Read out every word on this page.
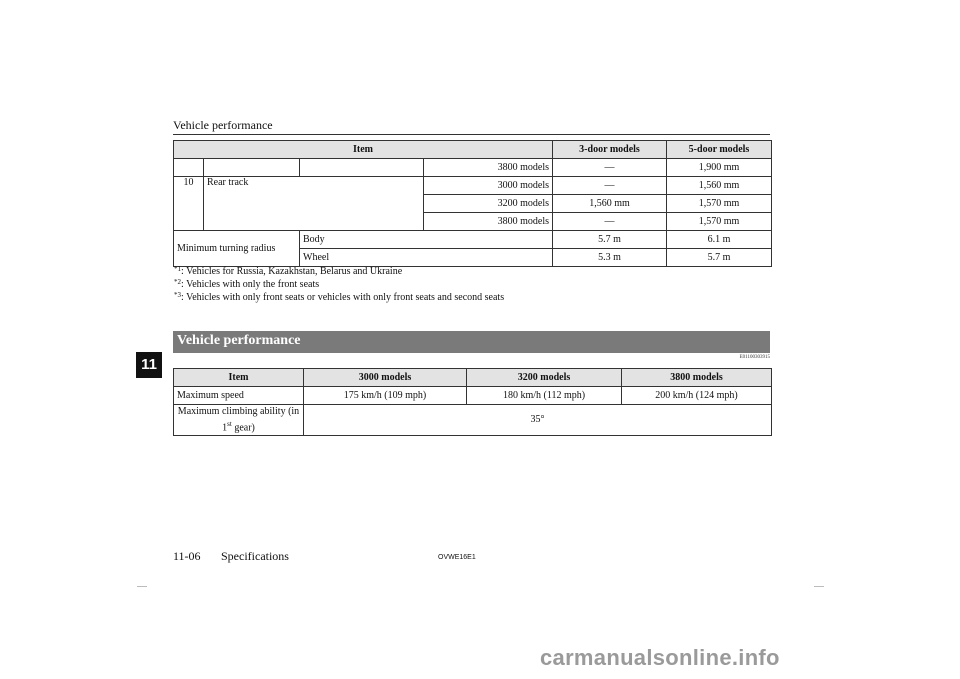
Vehicle performance
Item				3-door models	5-door models
			3800 models	—	1,900 mm
10	Rear track		3000 models	—	1,560 mm
			3200 models	1,560 mm	1,570 mm
			3800 models	—	1,570 mm
Minimum turning radius		Body		5.7 m	6.1 m
		Wheel		5.3 m	5.7 m
$^{*1}$: Vehicles for Russia, Kazakhstan, Belarus and Ukraine
$^{*2}$: Vehicles with only the front seats
$^{*3}$: Vehicles with only front seats or vehicles with only front seats and second seats
Vehicle performance
E01100303915
11
Item	3000 models	3200 models	3800 models
Maximum speed	175 km/h (109 mph)	180 km/h (112 mph)	200 km/h (124 mph)
Maximum climbing ability (in
1st gear)	35°		
11-06 Specifications	OVWE16E1
carmanualsonline.info
